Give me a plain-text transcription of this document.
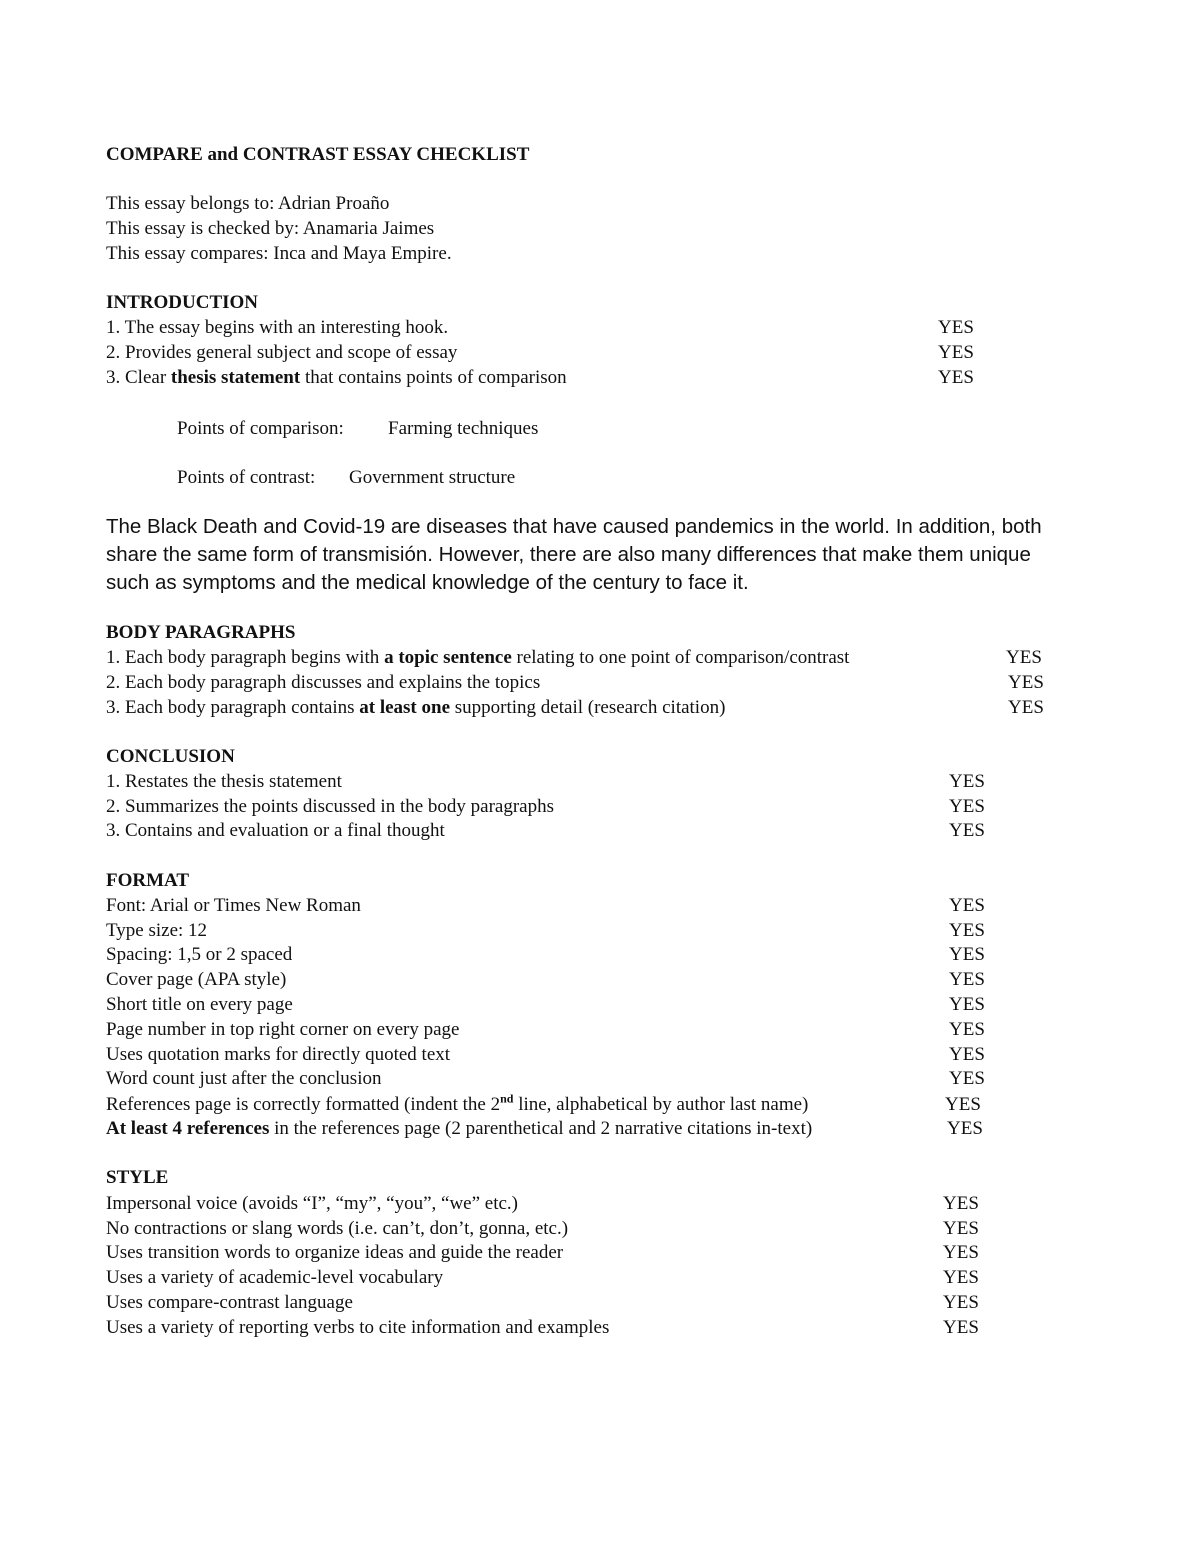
COMPARE and CONTRAST ESSAY CHECKLIST
This essay belongs to: Adrian Proaño
This essay is checked by: Anamaria Jaimes
This essay compares: Inca and Maya Empire.
INTRODUCTION
1. The essay begins with an interesting hook.	YES
2. Provides general subject and scope of essay	YES
3. Clear thesis statement that contains points of comparison	YES
Points of comparison: Farming techniques
Points of contrast: Government structure
The Black Death and Covid-19 are diseases that have caused pandemics in the world. In addition, both
share the same form of transmisión. However, there are also many differences that make them unique
such as symptoms and the medical knowledge of the century to face it.
BODY PARAGRAPHS
1. Each body paragraph begins with a topic sentence relating to one point of comparison/contrast	YES
2. Each body paragraph discusses and explains the topics	YES
3. Each body paragraph contains at least one supporting detail (research citation)	YES
CONCLUSION
1. Restates the thesis statement	YES
2. Summarizes the points discussed in the body paragraphs	YES
3. Contains and evaluation or a final thought	YES
FORMAT
Font: Arial or Times New Roman	YES
Type size: 12	YES
Spacing: 1,5 or 2 spaced	YES
Cover page (APA style)	YES
Short title on every page	YES
Page number in top right corner on every page	YES
Uses quotation marks for directly quoted text	YES
Word count just after the conclusion	YES
References page is correctly formatted (indent the 2nd line, alphabetical by author last name)	YES
At least 4 references in the references page (2 parenthetical and 2 narrative citations in-text)	YES
STYLE
Impersonal voice (avoids “I”, “my”, “you”, “we” etc.)	YES
No contractions or slang words (i.e. can’t, don’t, gonna, etc.)	YES
Uses transition words to organize ideas and guide the reader	YES
Uses a variety of academic-level vocabulary	YES
Uses compare-contrast language	YES
Uses a variety of reporting verbs to cite information and examples	YES
